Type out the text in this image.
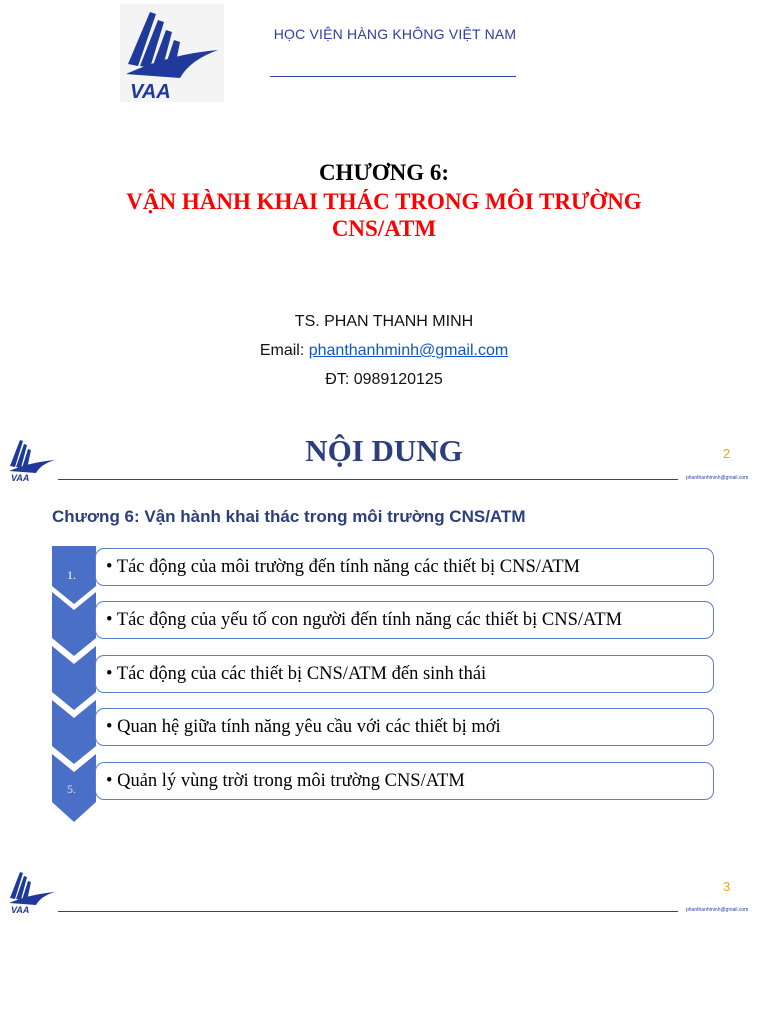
VAA
HỌC VIỆN HÀNG KHÔNG VIỆT NAM
CHƯƠNG 6:
VẬN HÀNH KHAI THÁC TRONG MÔI TRƯỜNG
CNS/ATM
TS. PHAN THANH MINH
Email: phanthanhminh@gmail.com
ĐT: 0989120125
VAA
NỘI DUNG	2
phanthanhminh@gmail.com
Chương 6: Vận hành khai thác trong môi trường CNS/ATM
1.
5.
• Tác động của môi trường đến tính năng các thiết bị CNS/ATM
• Tác động của yếu tố con người đến tính năng các thiết bị CNS/ATM
• Tác động của các thiết bị CNS/ATM đến sinh thái
• Quan hệ giữa tính năng yêu cầu với các thiết bị mới
• Quản lý vùng trời trong môi trường CNS/ATM
VAA
3
phanthanhminh@gmail.com
